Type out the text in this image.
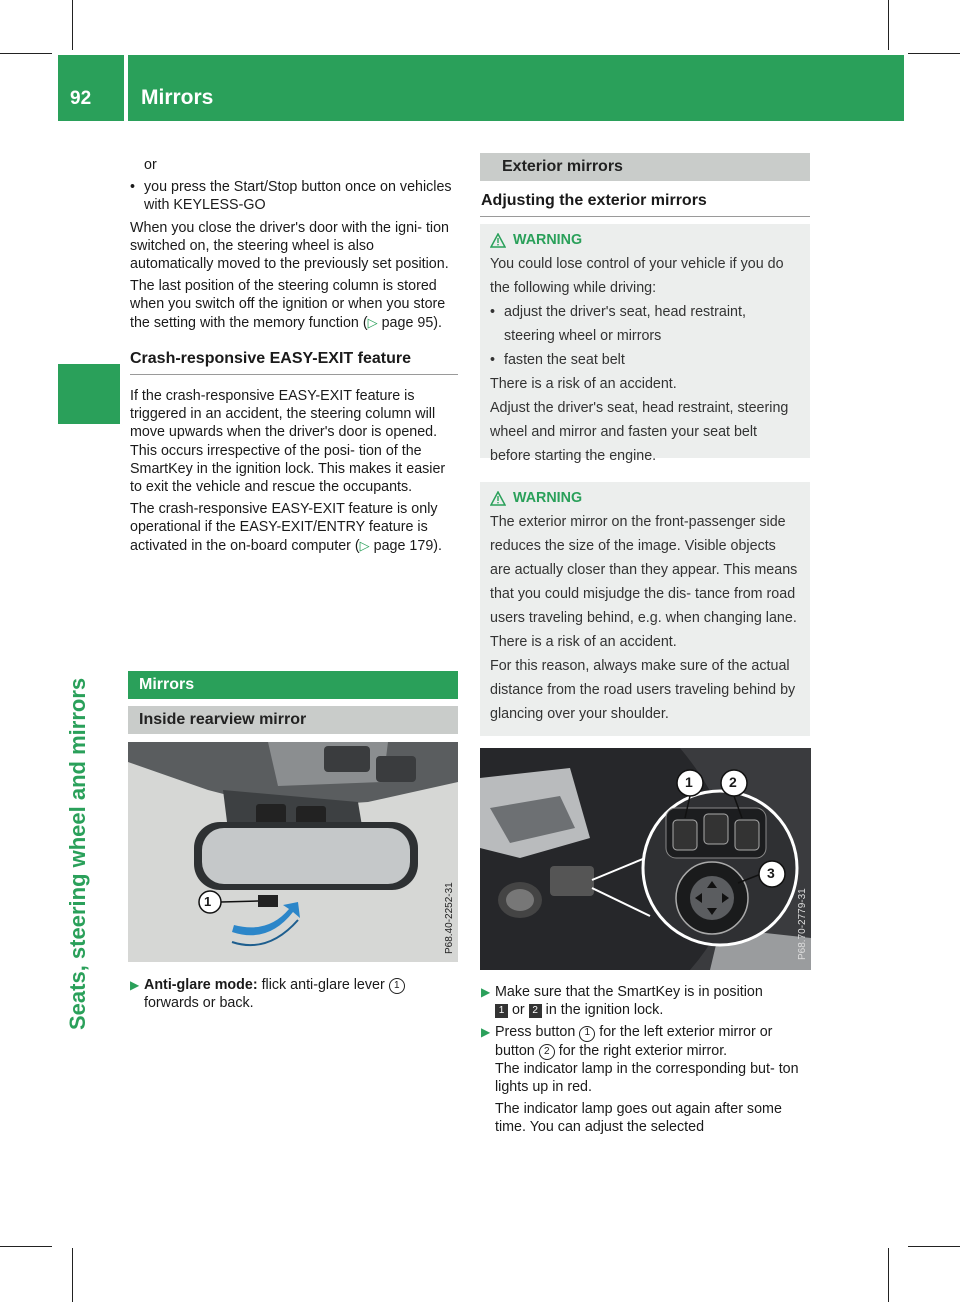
92	Mirrors
Seats, steering wheel and mirrors
or
• you press the Start/Stop button once on vehicles with KEYLESS-GO
When you close the driver's door with the igni- tion switched on, the steering wheel is also automatically moved to the previously set position.
The last position of the steering column is stored when you switch off the ignition or when you store the setting with the memory function (▷ page 95).
Crash-responsive EASY-EXIT feature
If the crash-responsive EASY-EXIT feature is triggered in an accident, the steering column will move upwards when the driver's door is opened. This occurs irrespective of the posi- tion of the SmartKey in the ignition lock. This makes it easier to exit the vehicle and rescue the occupants.
The crash-responsive EASY-EXIT feature is only operational if the EASY-EXIT/ENTRY feature is activated in the on-board computer (▷ page 179).
Mirrors
Inside rearview mirror
1	P68.40-2252-31
▶ Anti-glare mode: flick anti-glare lever 1
forwards or back.
Exterior mirrors
Adjusting the exterior mirrors
WARNING
You could lose control of your vehicle if you do the following while driving:
• adjust the driver's seat, head restraint, steering wheel or mirrors
• fasten the seat belt
There is a risk of an accident.
Adjust the driver's seat, head restraint, steering wheel and mirror and fasten your seat belt before starting the engine.
WARNING
The exterior mirror on the front-passenger side reduces the size of the image. Visible objects are actually closer than they appear. This means that you could misjudge the dis- tance from road users traveling behind, e.g. when changing lane. There is a risk of an accident.
For this reason, always make sure of the actual distance from the road users traveling behind by glancing over your shoulder.
1	2
3
P68.70-2779-31
▶ Make sure that the SmartKey is in position
1 or 2 in the ignition lock.
▶ Press button 1 for the left exterior mirror or button 2 for the right exterior mirror.
The indicator lamp in the corresponding but- ton lights up in red.
The indicator lamp goes out again after some time. You can adjust the selected
